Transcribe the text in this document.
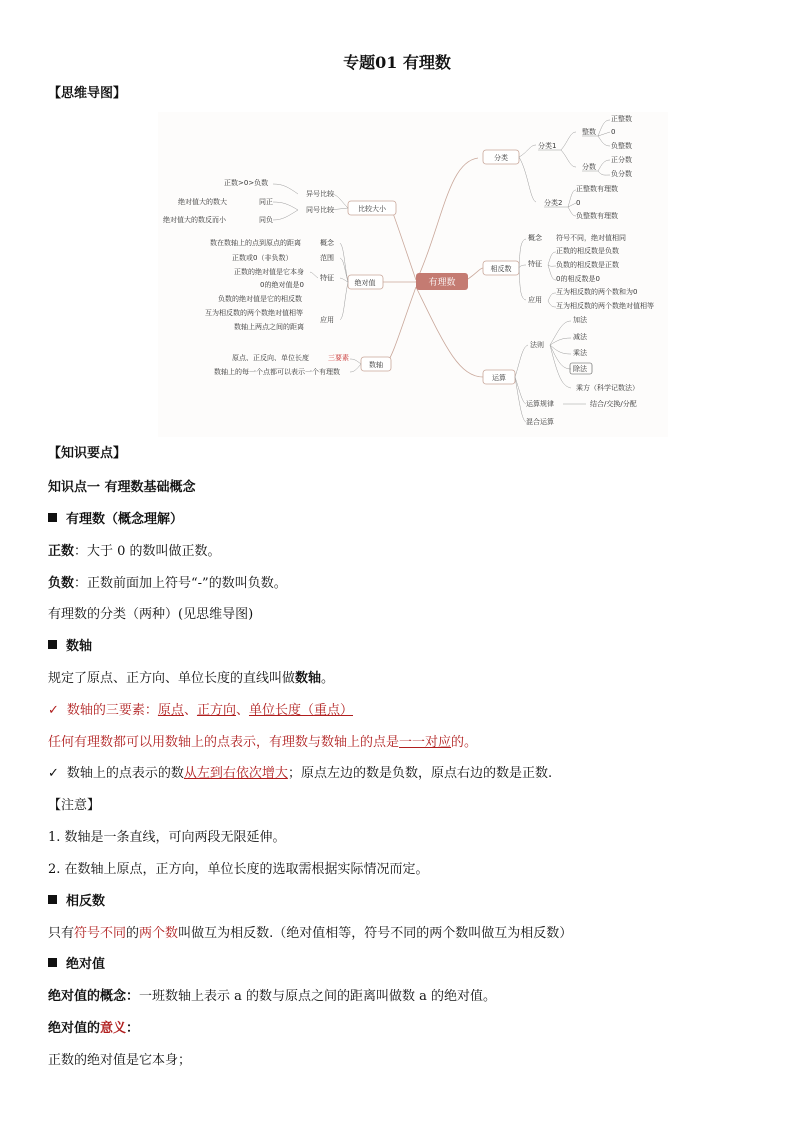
专题01 有理数
【思维导图】
有理数
分类
分类1
整数
正整数
0
负整数
分数
正分数
负分数
分类2
正整数有理数
0
负整数有理数
相反数
概念 符号不同，绝对值相同
特征
正数的相反数是负数
负数的相反数是正数
0的相反数是0
应用
互为相反数的两个数和为0
互为相反数的两个数绝对值相等
运算
法则
加法
减法
乘法
除法
乘方（科学记数法）
运算规律	结合/交换/分配
混合运算
比较大小
异号比较
正数>0>负数
同号比较
同正
绝对值大的数大
同负
绝对值大的数反而小
绝对值
概念
数在数轴上的点到原点的距离
范围
正数或0（非负数）
特征
正数的绝对值是它本身
0的绝对值是0
负数的绝对值是它的相反数
应用
互为相反数的两个数绝对值相等
数轴上两点之间的距离
数轴
三要素
原点、正反向、单位长度
数轴上的每一个点都可以表示一个有理数
【知识要点】
知识点一 有理数基础概念
有理数（概念理解）
正数：大于 0 的数叫做正数。
负数：正数前面加上符号“-”的数叫负数。
有理数的分类（两种）(见思维导图)
数轴
规定了原点、正方向、单位长度的直线叫做数轴。
✓ 数轴的三要素：原点、正方向、单位长度（重点）
任何有理数都可以用数轴上的点表示，有理数与数轴上的点是一一对应的。
✓ 数轴上的点表示的数从左到右依次增大；原点左边的数是负数，原点右边的数是正数.
【注意】
1. 数轴是一条直线，可向两段无限延伸。
2. 在数轴上原点，正方向，单位长度的选取需根据实际情况而定。
相反数
只有符号不同的两个数叫做互为相反数.（绝对值相等，符号不同的两个数叫做互为相反数）
绝对值
绝对值的概念：一班数轴上表示 a 的数与原点之间的距离叫做数 a 的绝对值。
绝对值的意义：
正数的绝对值是它本身；
